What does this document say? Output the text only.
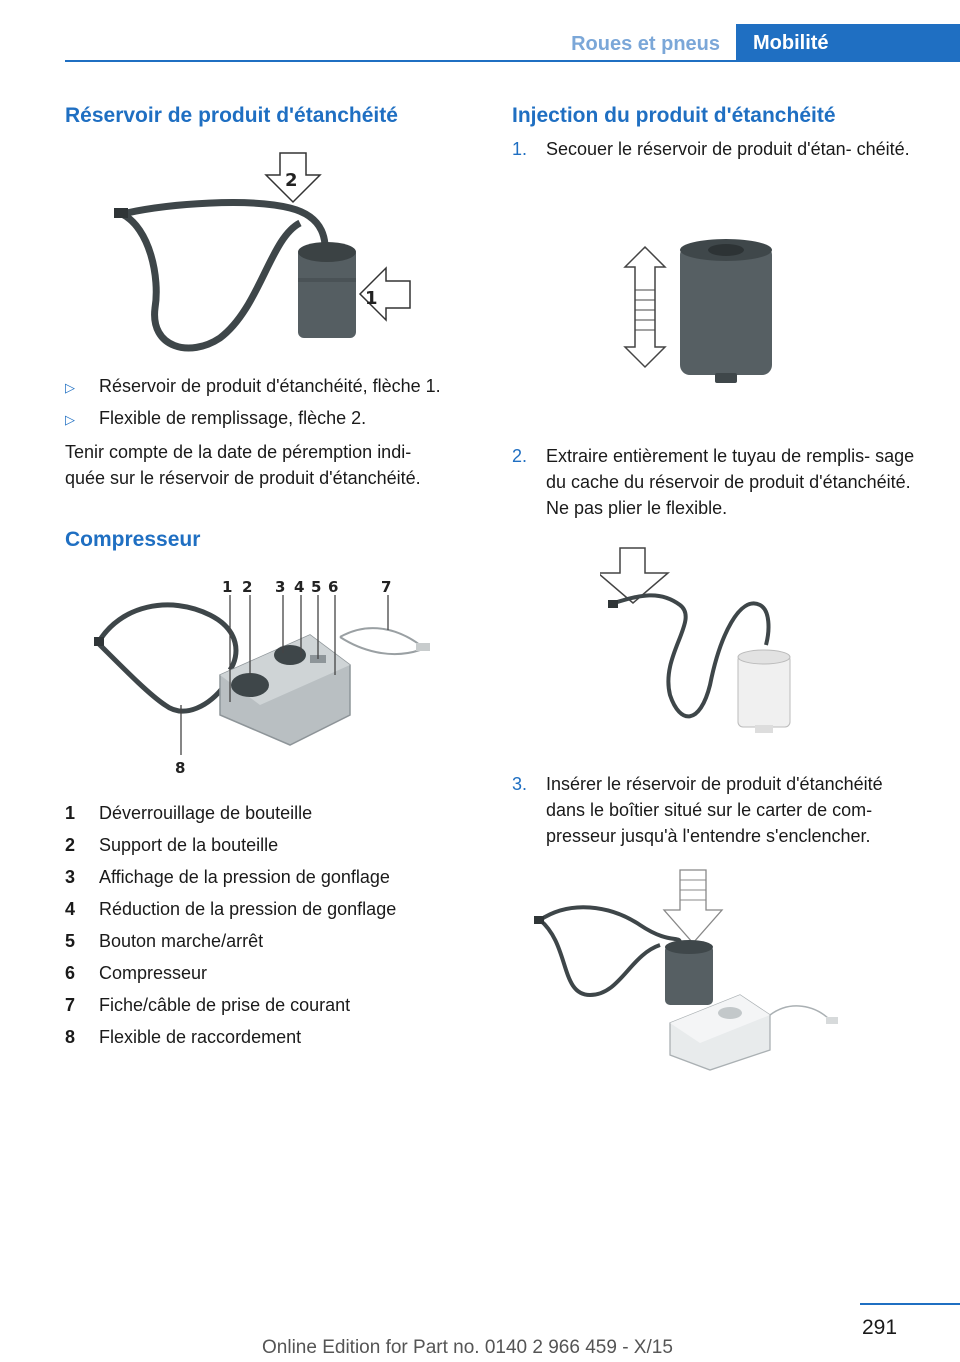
Roues et pneus	Mobilité
Réservoir de produit d'étanchéité
2
1
▷ Réservoir de produit d'étanchéité, flèche 1.
▷ Flexible de remplissage, flèche 2.
Tenir compte de la date de péremption indi‑
quée sur le réservoir de produit d'étanchéité.
Compresseur
1 2 3 4 5 6	7
8
1 Déverrouillage de bouteille
2 Support de la bouteille
3 Affichage de la pression de gonflage
4 Réduction de la pression de gonflage
5 Bouton marche/arrêt
6 Compresseur
7 Fiche/câble de prise de courant
8 Flexible de raccordement
Injection du produit d'étanchéité
1. Secouer le réservoir de produit d'étan‑ chéité.
2. Extraire entièrement le tuyau de remplis‑ sage du cache du réservoir de produit d'étanchéité. Ne pas plier le flexible.
3. Insérer le réservoir de produit d'étanchéité dans le boîtier situé sur le carter de com‑ presseur jusqu'à l'entendre s'enclencher.
291
Online Edition for Part no. 0140 2 966 459 - X/15
